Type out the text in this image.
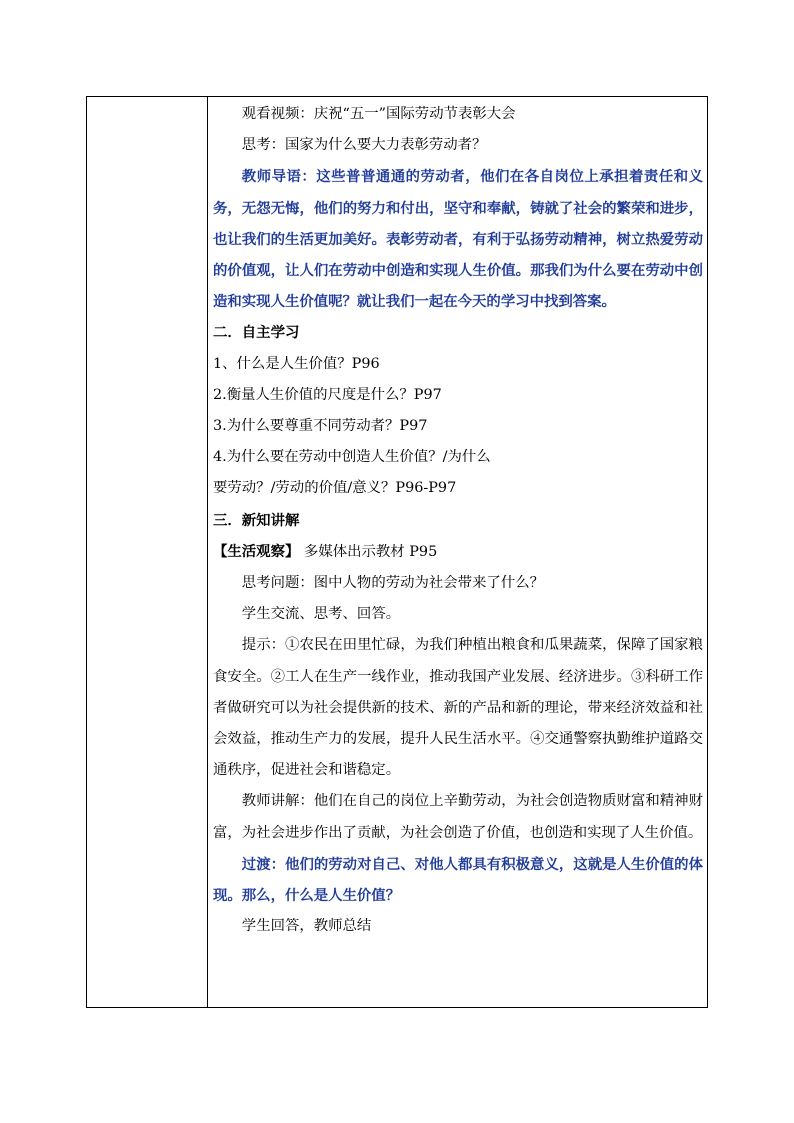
观看视频：庆祝“五一”国际劳动节表彰大会

思考：国家为什么要大力表彰劳动者？

教师导语：这些普普通通的劳动者，他们在各自岗位上承担着责任和义务，无怨无悔，他们的努力和付出，坚守和奉献，铸就了社会的繁荣和进步，也让我们的生活更加美好。表彰劳动者，有利于弘扬劳动精神，树立热爱劳动的价值观，让人们在劳动中创造和实现人生价值。那我们为什么要在劳动中创造和实现人生价值呢？就让我们一起在今天的学习中找到答案。

二．自主学习

1、什么是人生价值？P96

2.衡量人生价值的尺度是什么？P97

3.为什么要尊重不同劳动者？P97

4.为什么要在劳动中创造人生价值？/为什么

要劳动？/劳动的价值/意义？P96-P97

三．新知讲解

【生活观察】 多媒体出示教材 P95

思考问题：图中人物的劳动为社会带来了什么？

学生交流、思考、回答。

提示：①农民在田里忙碌，为我们种植出粮食和瓜果蔬菜，保障了国家粮食安全。②工人在生产一线作业，推动我国产业发展、经济进步。③科研工作者做研究可以为社会提供新的技术、新的产品和新的理论，带来经济效益和社会效益，推动生产力的发展，提升人民生活水平。④交通警察执勤维护道路交通秩序，促进社会和谐稳定。

教师讲解：他们在自己的岗位上辛勤劳动，为社会创造物质财富和精神财富，为社会进步作出了贡献，为社会创造了价值，也创造和实现了人生价值。

过渡：他们的劳动对自己、对他人都具有积极意义，这就是人生价值的体现。那么，什么是人生价值？

学生回答，教师总结
